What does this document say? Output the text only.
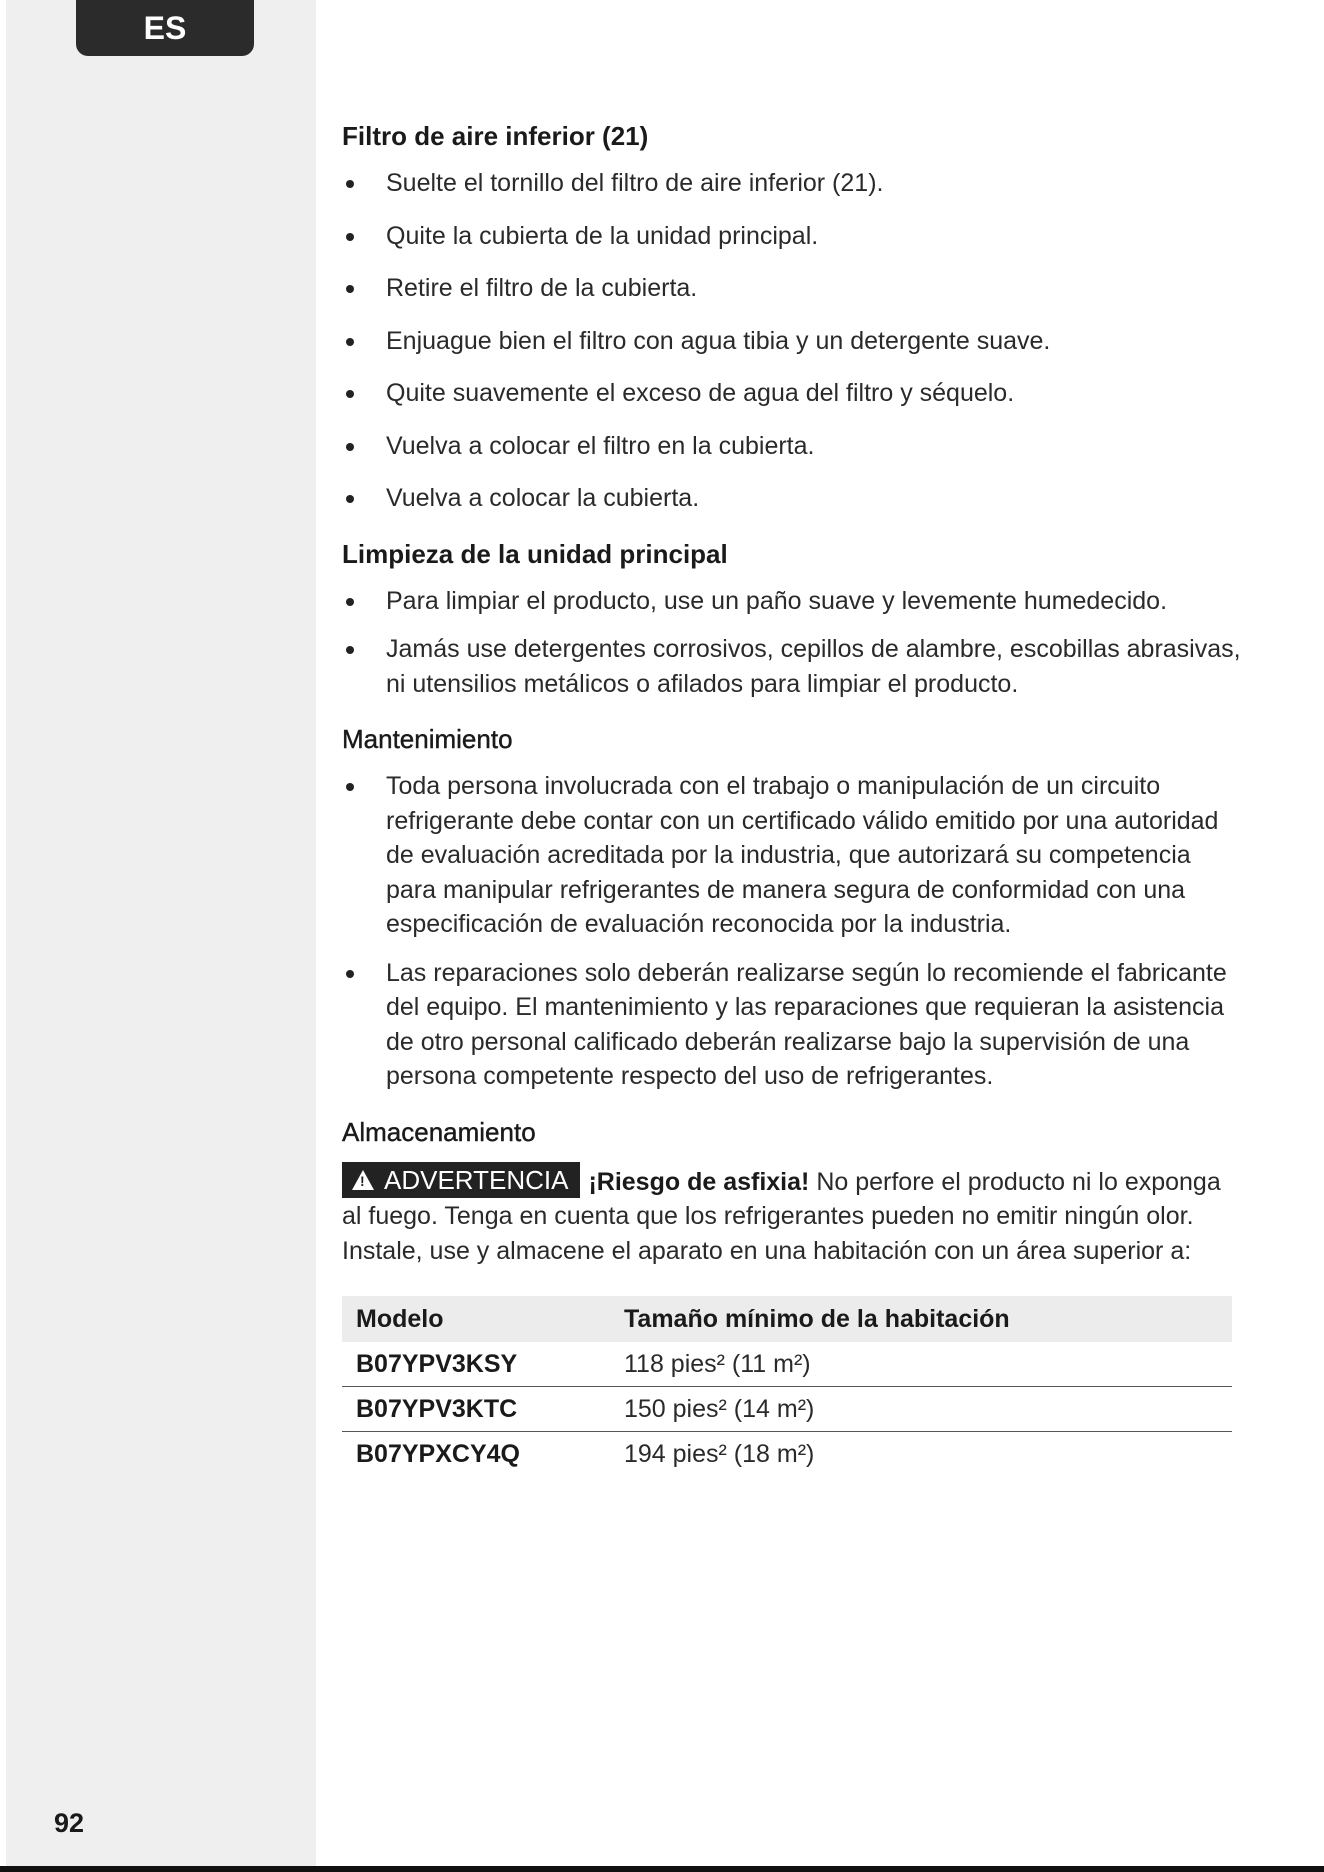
ES
92
Filtro de aire inferior (21)
Suelte el tornillo del filtro de aire inferior (21).
Quite la cubierta de la unidad principal.
Retire el filtro de la cubierta.
Enjuague bien el filtro con agua tibia y un detergente suave.
Quite suavemente el exceso de agua del filtro y séquelo.
Vuelva a colocar el filtro en la cubierta.
Vuelva a colocar la cubierta.
Limpieza de la unidad principal
Para limpiar el producto, use un paño suave y levemente humedecido.
Jamás use detergentes corrosivos, cepillos de alambre, escobillas abrasivas, ni utensilios metálicos o afilados para limpiar el producto.
Mantenimiento
Toda persona involucrada con el trabajo o manipulación de un circuito refrigerante debe contar con un certificado válido emitido por una autoridad de evaluación acreditada por la industria, que autorizará su competencia para manipular refrigerantes de manera segura de conformidad con una especificación de evaluación reconocida por la industria.
Las reparaciones solo deberán realizarse según lo recomiende el fabricante del equipo. El mantenimiento y las reparaciones que requieran la asistencia de otro personal calificado deberán realizarse bajo la supervisión de una persona competente respecto del uso de refrigerantes.
Almacenamiento

!ADVERTENCIA ¡Riesgo de asfixia! No perfore el producto ni lo exponga al fuego. Tenga en cuenta que los refrigerantes pueden no emitir ningún olor. Instale, use y almacene el aparato en una habitación con un área superior a:

Modelo	Tamaño mínimo de la habitación
B07YPV3KSY	118 pies² (11 m²)
B07YPV3KTC	150 pies² (14 m²)
B07YPXCY4Q	194 pies² (18 m²)
